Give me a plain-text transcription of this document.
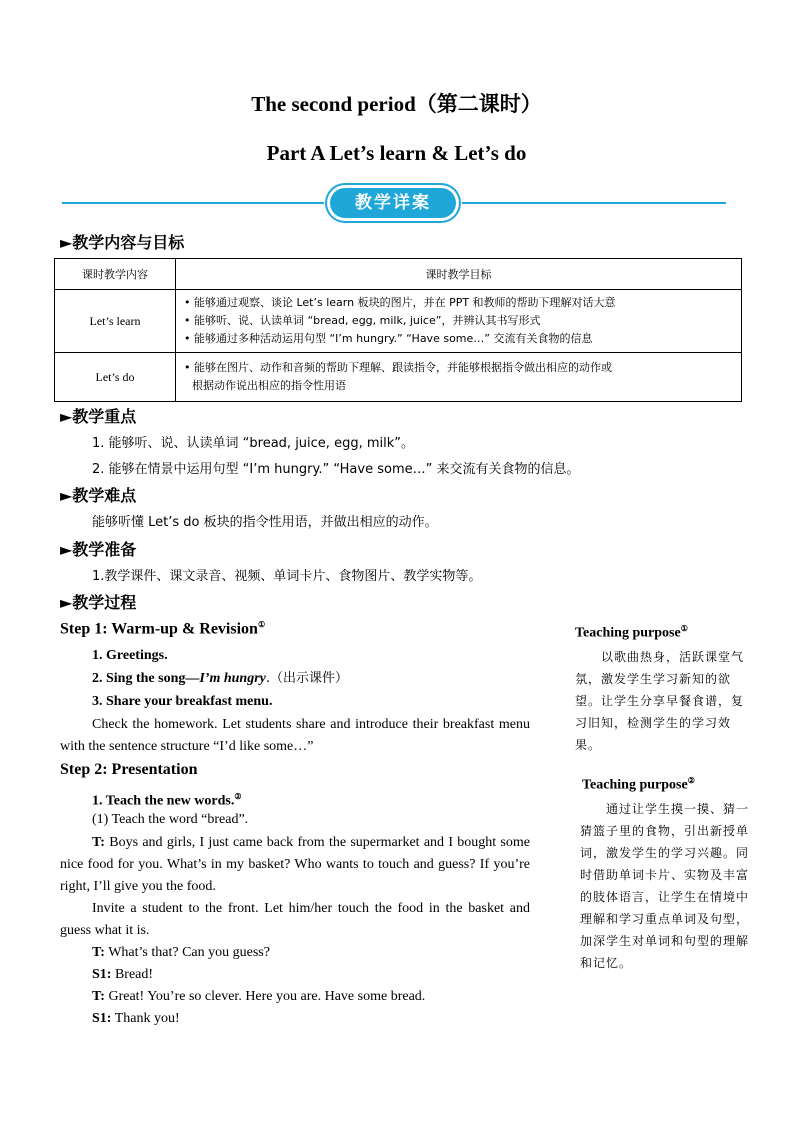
The second period（第二课时）
Part A Let’s learn & Let’s do
教学详案
►教学内容与目标
课时教学内容	课时教学目标
Let’s learn	• 能够通过观察、谈论 Let’s learn 板块的图片，并在 PPT 和教师的帮助下理解对话大意
• 能够听、说、认读单词 “bread, egg, milk, juice”，并辨认其书写形式
• 能够通过多种活动运用句型 “I’m hungry.” “Have some…” 交流有关食物的信息

Let’s do	• 能够在图片、动作和音频的帮助下理解、跟读指令，并能够根据指令做出相应的动作或
根据动作说出相应的指令性用语
►教学重点
1. 能够听、说、认读单词 “bread, juice, egg, milk”。
2. 能够在情景中运用句型 “I’m hungry.” “Have some…” 来交流有关食物的信息。
►教学难点
能够听懂 Let’s do 板块的指令性用语，并做出相应的动作。
►教学准备
1.教学课件、课文录音、视频、单词卡片、食物图片、教学实物等。
►教学过程
Step 1: Warm-up & Revision①
1. Greetings.
2. Sing the song—I’m hungry.（出示课件）
3. Share your breakfast menu.
Check the homework. Let students share and introduce their breakfast menu with the sentence structure “I’d like some…”
Step 2: Presentation
1. Teach the new words.②
(1) Teach the word “bread”.
T: Boys and girls, I just came back from the supermarket and I bought some nice food for you. What’s in my basket? Who wants to touch and guess? If you’re right, I’ll give you the food.
Invite a student to the front. Let him/her touch the food in the basket and guess what it is.
T: What’s that? Can you guess?
S1: Bread!
T: Great! You’re so clever. Here you are. Have some bread.
S1: Thank you!
Teaching purpose①
以歌曲热身，活跃课堂气氛，激发学生学习新知的欲望。让学生分享早餐食谱，复习旧知，检测学生的学习效果。
Teaching purpose②
通过让学生摸一摸、猜一猜篮子里的食物，引出新授单词，激发学生的学习兴趣。同时借助单词卡片、实物及丰富的肢体语言，让学生在情境中理解和学习重点单词及句型，加深学生对单词和句型的理解和记忆。
